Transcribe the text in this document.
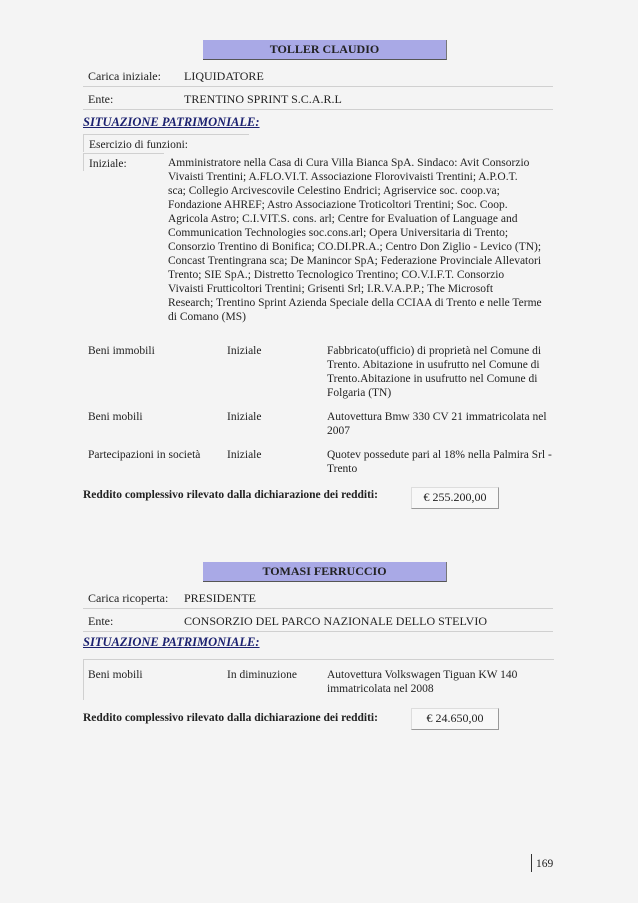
TOLLER CLAUDIO
Carica iniziale: LIQUIDATORE
Ente:	TRENTINO SPRINT S.C.A.R.L
SITUAZIONE PATRIMONIALE:
Esercizio di funzioni:
Iniziale:	Amministratore nella Casa di Cura Villa Bianca SpA. Sindaco: Avit Consorzio
Vivaisti Trentini; A.FLO.VI.T. Associazione Florovivaisti Trentini; A.P.O.T.
sca; Collegio Arcivescovile Celestino Endrici; Agriservice soc. coop.va;
Fondazione AHREF; Astro Associazione Troticoltori Trentini; Soc. Coop.
Agricola Astro; C.I.VIT.S. cons. arl; Centre for Evaluation of Language and
Communication Technologies soc.cons.arl; Opera Universitaria di Trento;
Consorzio Trentino di Bonifica; CO.DI.PR.A.; Centro Don Ziglio - Levico (TN);
Concast Trentingrana sca; De Manincor SpA; Federazione Provinciale Allevatori
Trento; SIE SpA.; Distretto Tecnologico Trentino; CO.V.I.F.T. Consorzio
Vivaisti Frutticoltori Trentini; Grisenti Srl; I.R.V.A.P.P.; The Microsoft
Research; Trentino Sprint Azienda Speciale della CCIAA di Trento e nelle Terme
di Comano (MS)
Beni immobili	Iniziale	Fabbricato(ufficio) di proprietà nel Comune di
Trento. Abitazione in usufrutto nel Comune di
Trento.Abitazione in usufrutto nel Comune di
Folgaria (TN)
Beni mobili	Iniziale	Autovettura Bmw 330 CV 21 immatricolata nel
2007
Partecipazioni in società Iniziale	Quotev possedute pari al 18% nella Palmira Srl -
Trento
Reddito complessivo rilevato dalla dichiarazione dei redditi:	€ 255.200,00
TOMASI FERRUCCIO
Carica ricoperta: PRESIDENTE
Ente:	CONSORZIO DEL PARCO NAZIONALE DELLO STELVIO
SITUAZIONE PATRIMONIALE:
Beni mobili	In diminuzione	Autovettura Volkswagen Tiguan KW 140
immatricolata nel 2008
Reddito complessivo rilevato dalla dichiarazione dei redditi:	€ 24.650,00
169
